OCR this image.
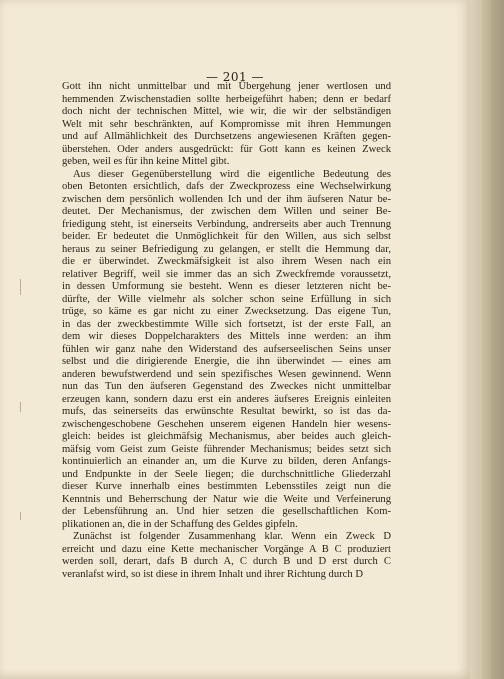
— 201 —

Gott ihn nicht unmittelbar und mit Übergehung jener wertlosen und
hemmenden Zwischenstadien sollte herbeigeführt haben; denn er bedarf
doch nicht der technischen Mittel, wie wir, die wir der selbständigen
Welt mit sehr beschränkten, auf Kompromisse mit ihren Hemmungen
und auf Allmählichkeit des Durchsetzens angewiesenen Kräften gegen-
überstehen. Oder anders ausgedrückt: für Gott kann es keinen Zweck
geben, weil es für ihn keine Mittel gibt.
Aus dieser Gegenüberstellung wird die eigentliche Bedeutung des
oben Betonten ersichtlich, dafs der Zweckprozess eine Wechselwirkung
zwischen dem persönlich wollenden Ich und der ihm äufseren Natur be-
deutet. Der Mechanismus, der zwischen dem Willen und seiner Be-
friedigung steht, ist einerseits Verbindung, andrerseits aber auch Trennung
beider. Er bedeutet die Unmöglichkeit für den Willen, aus sich selbst
heraus zu seiner Befriedigung zu gelangen, er stellt die Hemmung dar,
die er überwindet. Zweckmäfsigkeit ist also ihrem Wesen nach ein
relativer Begriff, weil sie immer das an sich Zweckfremde voraussetzt,
in dessen Umformung sie besteht. Wenn es dieser letzteren nicht be-
dürfte, der Wille vielmehr als solcher schon seine Erfüllung in sich
trüge, so käme es gar nicht zu einer Zwecksetzung. Das eigene Tun,
in das der zweckbestimmte Wille sich fortsetzt, ist der erste Fall, an
dem wir dieses Doppelcharakters des Mittels inne werden: an ihm
fühlen wir ganz nahe den Widerstand des aufserseelischen Seins unser
selbst und die dirigierende Energie, die ihn überwindet — eines am
anderen bewufstwerdend und sein spezifisches Wesen gewinnend. Wenn
nun das Tun den äufseren Gegenstand des Zweckes nicht unmittelbar
erzeugen kann, sondern dazu erst ein anderes äufseres Ereignis einleiten
mufs, das seinerseits das erwünschte Resultat bewirkt, so ist das da-
zwischengeschobene Geschehen unserem eigenen Handeln hier wesens-
gleich: beides ist gleichmäfsig Mechanismus, aber beides auch gleich-
mäfsig vom Geist zum Geiste führender Mechanismus; beides setzt sich
kontinuierlich an einander an, um die Kurve zu bilden, deren Anfangs-
und Endpunkte in der Seele liegen; die durchschnittliche Gliederzahl
dieser Kurve innerhalb eines bestimmten Lebensstiles zeigt nun die
Kenntnis und Beherrschung der Natur wie die Weite und Verfeinerung
der Lebensführung an. Und hier setzen die gesellschaftlichen Kom-
plikationen an, die in der Schaffung des Geldes gipfeln.
Zunächst ist folgender Zusammenhang klar. Wenn ein Zweck D
erreicht und dazu eine Kette mechanischer Vorgänge A B C produziert
werden soll, derart, dafs B durch A, C durch B und D erst durch C
veranlafst wird, so ist diese in ihrem Inhalt und ihrer Richtung durch D
